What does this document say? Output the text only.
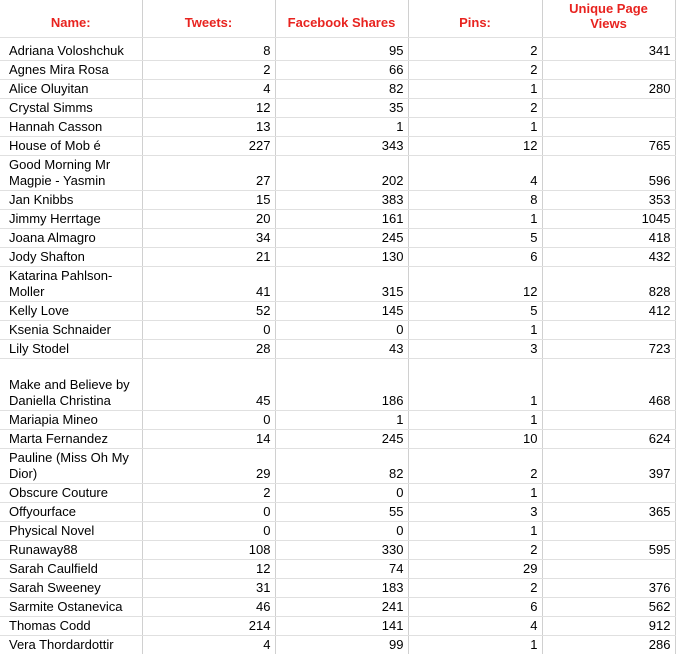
Name:	Tweets:	Facebook Shares	Pins:	Unique Page
Views	
Adriana Voloshchuk	8	95	2	341	
Agnes Mira Rosa	2	66	2		
Alice Oluyitan	4	82	1	280	
Crystal Simms	12	35	2		
Hannah Casson	13	1	1		
House of Mob é	227	343	12	765	
Good Morning Mr Magpie - Yasmin	27	202	4	596	
Jan Knibbs	15	383	8	353	
Jimmy Herrtage	20	161	1	1045	
Joana Almagro	34	245	5	418	
Jody Shafton	21	130	6	432	
Katarina Pahlson-Moller	41	315	12	828	
Kelly Love	52	145	5	412	
Ksenia Schnaider	0	0	1		
Lily Stodel	28	43	3	723	
Make and Believe by Daniella Christina	45	186	1	468	
Mariapia Mineo	0	1	1		
Marta Fernandez	14	245	10	624	
Pauline (Miss Oh My Dior)	29	82	2	397	
Obscure Couture	2	0	1		
Offyourface	0	55	3	365	
Physical Novel	0	0	1		
Runaway88	108	330	2	595	
Sarah Caulfield	12	74	29		
Sarah Sweeney	31	183	2	376	
Sarmite Ostanevica	46	241	6	562	
Thomas Codd	214	141	4	912	
Vera Thordardottir	4	99	1	286	
